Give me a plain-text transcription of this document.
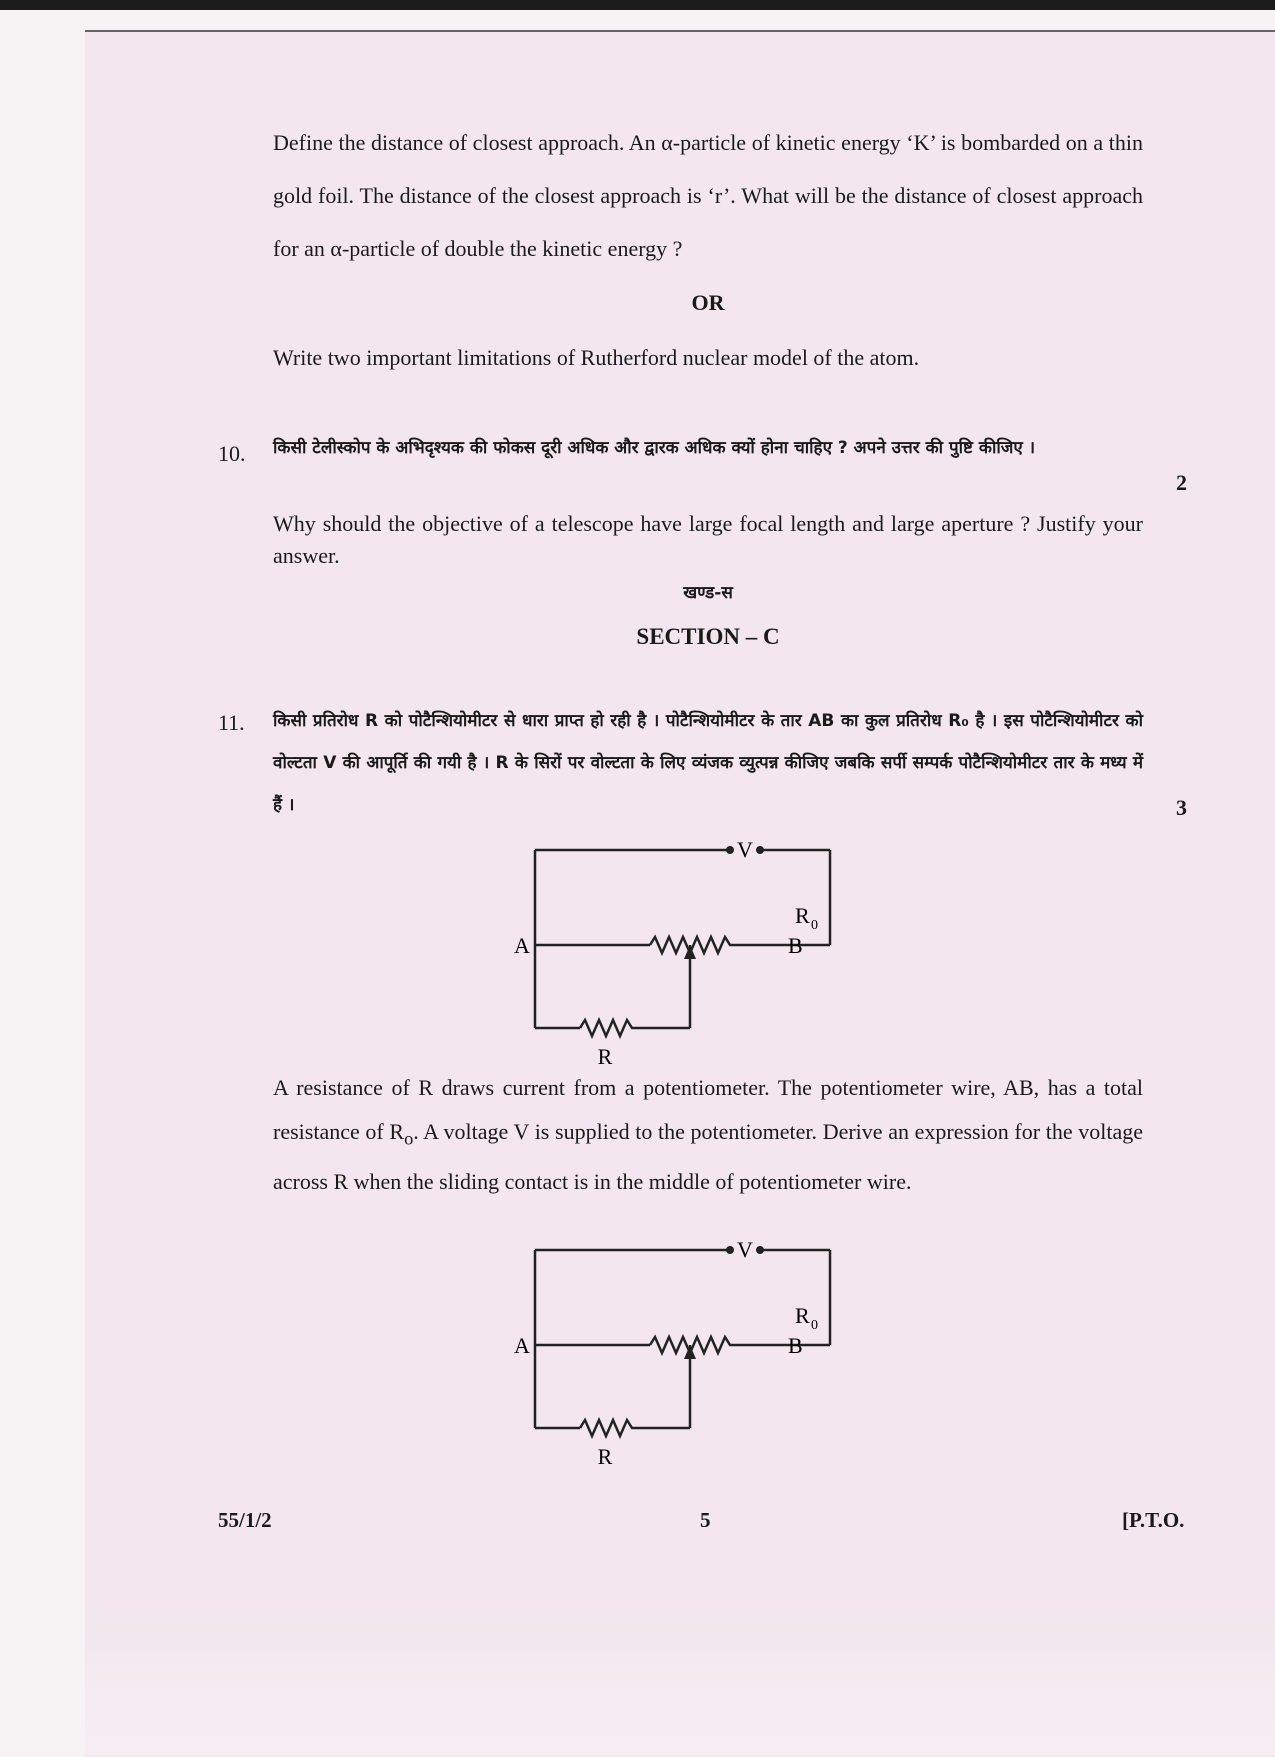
Define the distance of closest approach. An α-particle of kinetic energy ‘K’ is bombarded on a thin gold foil. The distance of the closest approach is ‘r’. What will be the distance of closest approach for an α-particle of double the kinetic energy ?
OR
Write two important limitations of Rutherford nuclear model of the atom.
10. किसी टेलीस्कोप के अभिदृश्यक की फोकस दूरी अधिक और द्वारक अधिक क्यों होना चाहिए ? अपने उत्तर की पुष्टि कीजिए ।
2
Why should the objective of a telescope have large focal length and large aperture ? Justify your answer.
खण्ड-स
SECTION – C
11. किसी प्रतिरोध R को पोटैन्शियोमीटर से धारा प्राप्त हो रही है । पोटैन्शियोमीटर के तार AB का कुल प्रतिरोध R₀ है । इस पोटैन्शियोमीटर को वोल्टता V की आपूर्ति की गयी है । R के सिरों पर वोल्टता के लिए व्यंजक व्युत्पन्न कीजिए जबकि सर्पी सम्पर्क पोटैन्शियोमीटर तार के मध्य में हैं ।	3
V
A	B
R 0
R
A resistance of R draws current from a potentiometer. The potentiometer wire, AB, has a total resistance of $R_o$. A voltage V is supplied to the potentiometer. Derive an expression for the voltage across R when the sliding contact is in the middle of potentiometer wire.
V
A	B
R 0
R
55/1/2	5	[P.T.O.
